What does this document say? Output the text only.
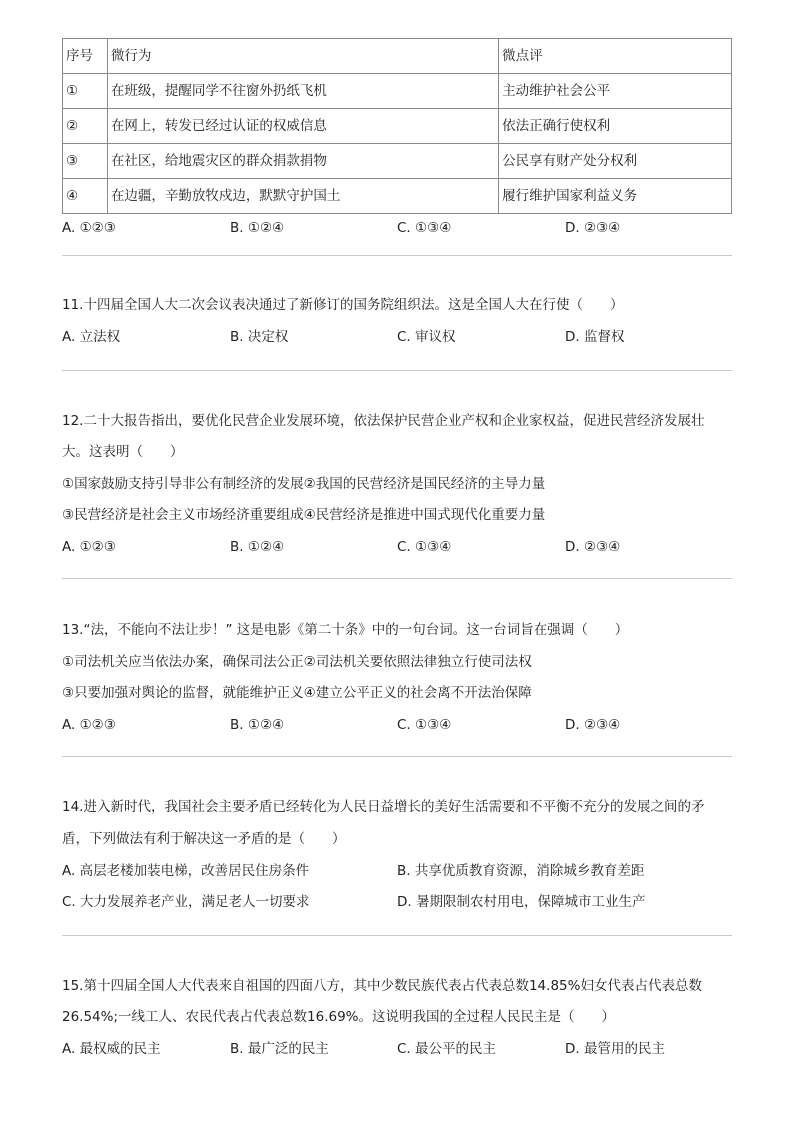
序号	微行为	微点评
①	在班级，提醒同学不往窗外扔纸飞机	主动维护社会公平
②	在网上，转发已经过认证的权威信息	依法正确行使权利
③	在社区，给地震灾区的群众捐款捐物	公民享有财产处分权利
④	在边疆，辛勤放牧戍边，默默守护国土	履行维护国家利益义务
A. ①②③	B. ①②④	C. ①③④	D. ②③④
11.十四届全国人大二次会议表决通过了新修订的国务院组织法。这是全国人大在行使（　　）
A. 立法权	B. 决定权	C. 审议权	D. 监督权
12.二十大报告指出，要优化民营企业发展环境，依法保护民营企业产权和企业家权益，促进民营经济发展壮
大。这表明（　　）
①国家鼓励支持引导非公有制经济的发展②我国的民营经济是国民经济的主导力量
③民营经济是社会主义市场经济重要组成④民营经济是推进中国式现代化重要力量
A. ①②③	B. ①②④	C. ①③④	D. ②③④
13.“法，不能向不法让步！” 这是电影《第二十条》中的一句台词。这一台词旨在强调（　　）
①司法机关应当依法办案，确保司法公正②司法机关要依照法律独立行使司法权
③只要加强对舆论的监督，就能维护正义④建立公平正义的社会离不开法治保障
A. ①②③	B. ①②④	C. ①③④	D. ②③④
14.进入新时代，我国社会主要矛盾已经转化为人民日益增长的美好生活需要和不平衡不充分的发展之间的矛
盾，下列做法有利于解决这一矛盾的是（　　）
A. 高层老楼加装电梯，改善居民住房条件	B. 共享优质教育资源，消除城乡教育差距
C. 大力发展养老产业，满足老人一切要求	D. 暑期限制农村用电，保障城市工业生产
15.第十四届全国人大代表来自祖国的四面八方，其中少数民族代表占代表总数14.85%妇女代表占代表总数
26.54%;一线工人、农民代表占代表总数16.69%。这说明我国的全过程人民民主是（　　）
A. 最权威的民主	B. 最广泛的民主	C. 最公平的民主	D. 最管用的民主
